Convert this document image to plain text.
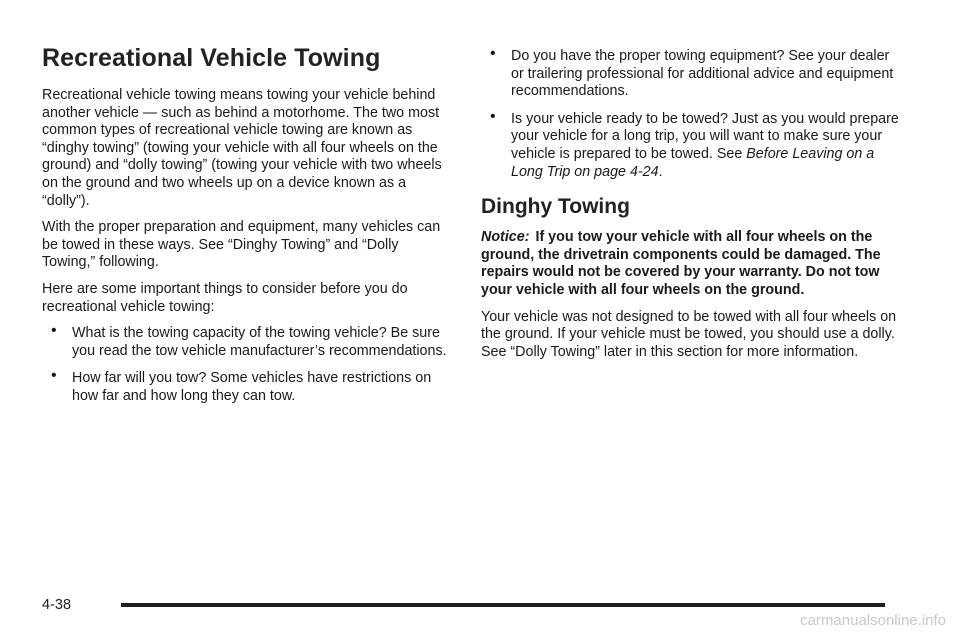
Recreational Vehicle Towing

Recreational vehicle towing means towing your vehicle behind another vehicle — such as behind a motorhome. The two most common types of recreational vehicle towing are known as “dinghy towing” (towing your vehicle with all four wheels on the ground) and “dolly towing” (towing your vehicle with two wheels on the ground and two wheels up on a device known as a “dolly”).

With the proper preparation and equipment, many vehicles can be towed in these ways. See “Dinghy Towing” and “Dolly Towing,” following.

Here are some important things to consider before you do recreational vehicle towing:

• What is the towing capacity of the towing vehicle? Be sure you read the tow vehicle manufacturer’s recommendations.
• How far will you tow? Some vehicles have restrictions on how far and how long they can tow.
• Do you have the proper towing equipment? See your dealer or trailering professional for additional advice and equipment recommendations.
• Is your vehicle ready to be towed? Just as you would prepare your vehicle for a long trip, you will want to make sure your vehicle is prepared to be towed. See Before Leaving on a Long Trip on page 4-24.
Dinghy Towing

Notice: If you tow your vehicle with all four wheels on the ground, the drivetrain components could be damaged. The repairs would not be covered by your warranty. Do not tow your vehicle with all four wheels on the ground.

Your vehicle was not designed to be towed with all four wheels on the ground. If your vehicle must be towed, you should use a dolly. See “Dolly Towing” later in this section for more information.

4-38
carmanualsonline.info
